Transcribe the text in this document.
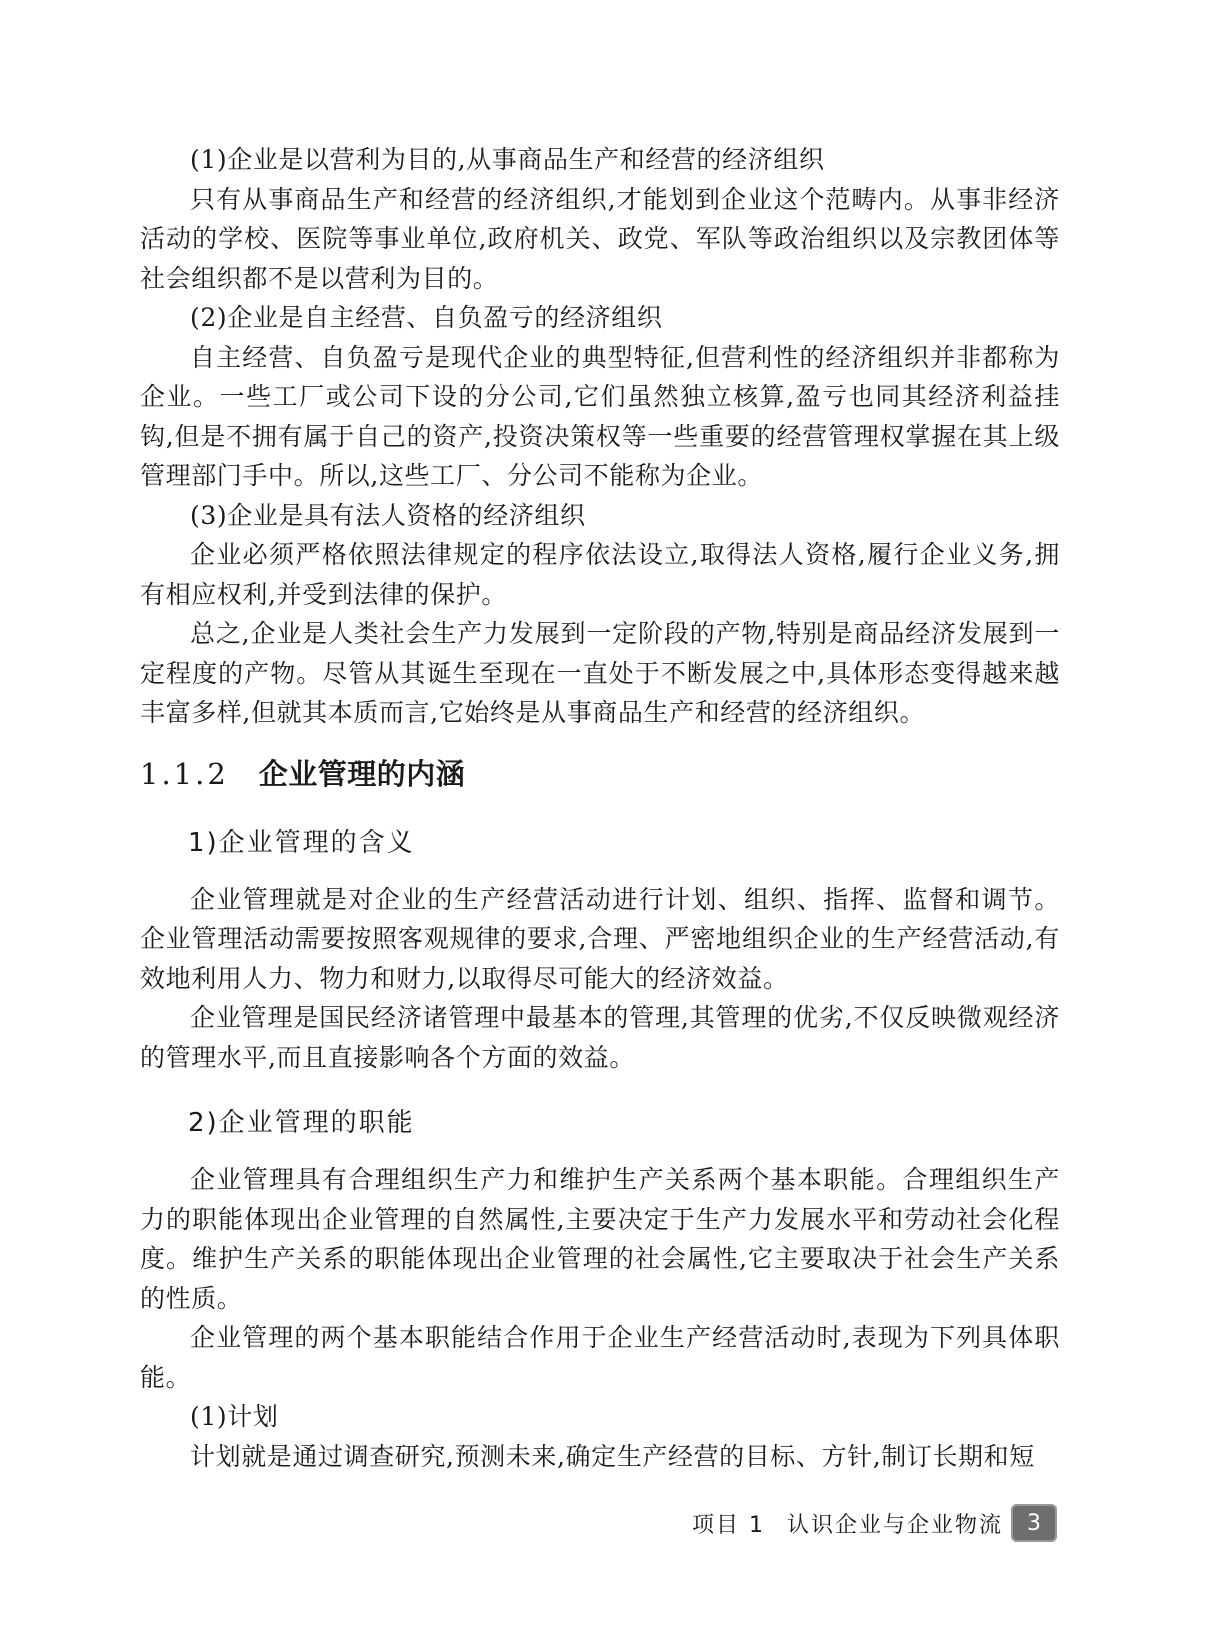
(1)企业是以营利为目的,从事商品生产和经营的经济组织

只有从事商品生产和经营的经济组织,才能划到企业这个范畴内。从事非经济活动的学校、医院等事业单位,政府机关、政党、军队等政治组织以及宗教团体等社会组织都不是以营利为目的。

(2)企业是自主经营、自负盈亏的经济组织

自主经营、自负盈亏是现代企业的典型特征,但营利性的经济组织并非都称为企业。一些工厂或公司下设的分公司,它们虽然独立核算,盈亏也同其经济利益挂钩,但是不拥有属于自己的资产,投资决策权等一些重要的经营管理权掌握在其上级管理部门手中。所以,这些工厂、分公司不能称为企业。

(3)企业是具有法人资格的经济组织

企业必须严格依照法律规定的程序依法设立,取得法人资格,履行企业义务,拥有相应权利,并受到法律的保护。

总之,企业是人类社会生产力发展到一定阶段的产物,特别是商品经济发展到一定程度的产物。尽管从其诞生至现在一直处于不断发展之中,具体形态变得越来越丰富多样,但就其本质而言,它始终是从事商品生产和经营的经济组织。

1.1.2 企业管理的内涵
1)企业管理的含义

企业管理就是对企业的生产经营活动进行计划、组织、指挥、监督和调节。企业管理活动需要按照客观规律的要求,合理、严密地组织企业的生产经营活动,有效地利用人力、物力和财力,以取得尽可能大的经济效益。

企业管理是国民经济诸管理中最基本的管理,其管理的优劣,不仅反映微观经济的管理水平,而且直接影响各个方面的效益。

2)企业管理的职能

企业管理具有合理组织生产力和维护生产关系两个基本职能。合理组织生产力的职能体现出企业管理的自然属性,主要决定于生产力发展水平和劳动社会化程度。维护生产关系的职能体现出企业管理的社会属性,它主要取决于社会生产关系的性质。

企业管理的两个基本职能结合作用于企业生产经营活动时,表现为下列具体职能。

(1)计划

计划就是通过调查研究,预测未来,确定生产经营的目标、方针,制订长期和短

项目 1 认识企业与企业物流	3
